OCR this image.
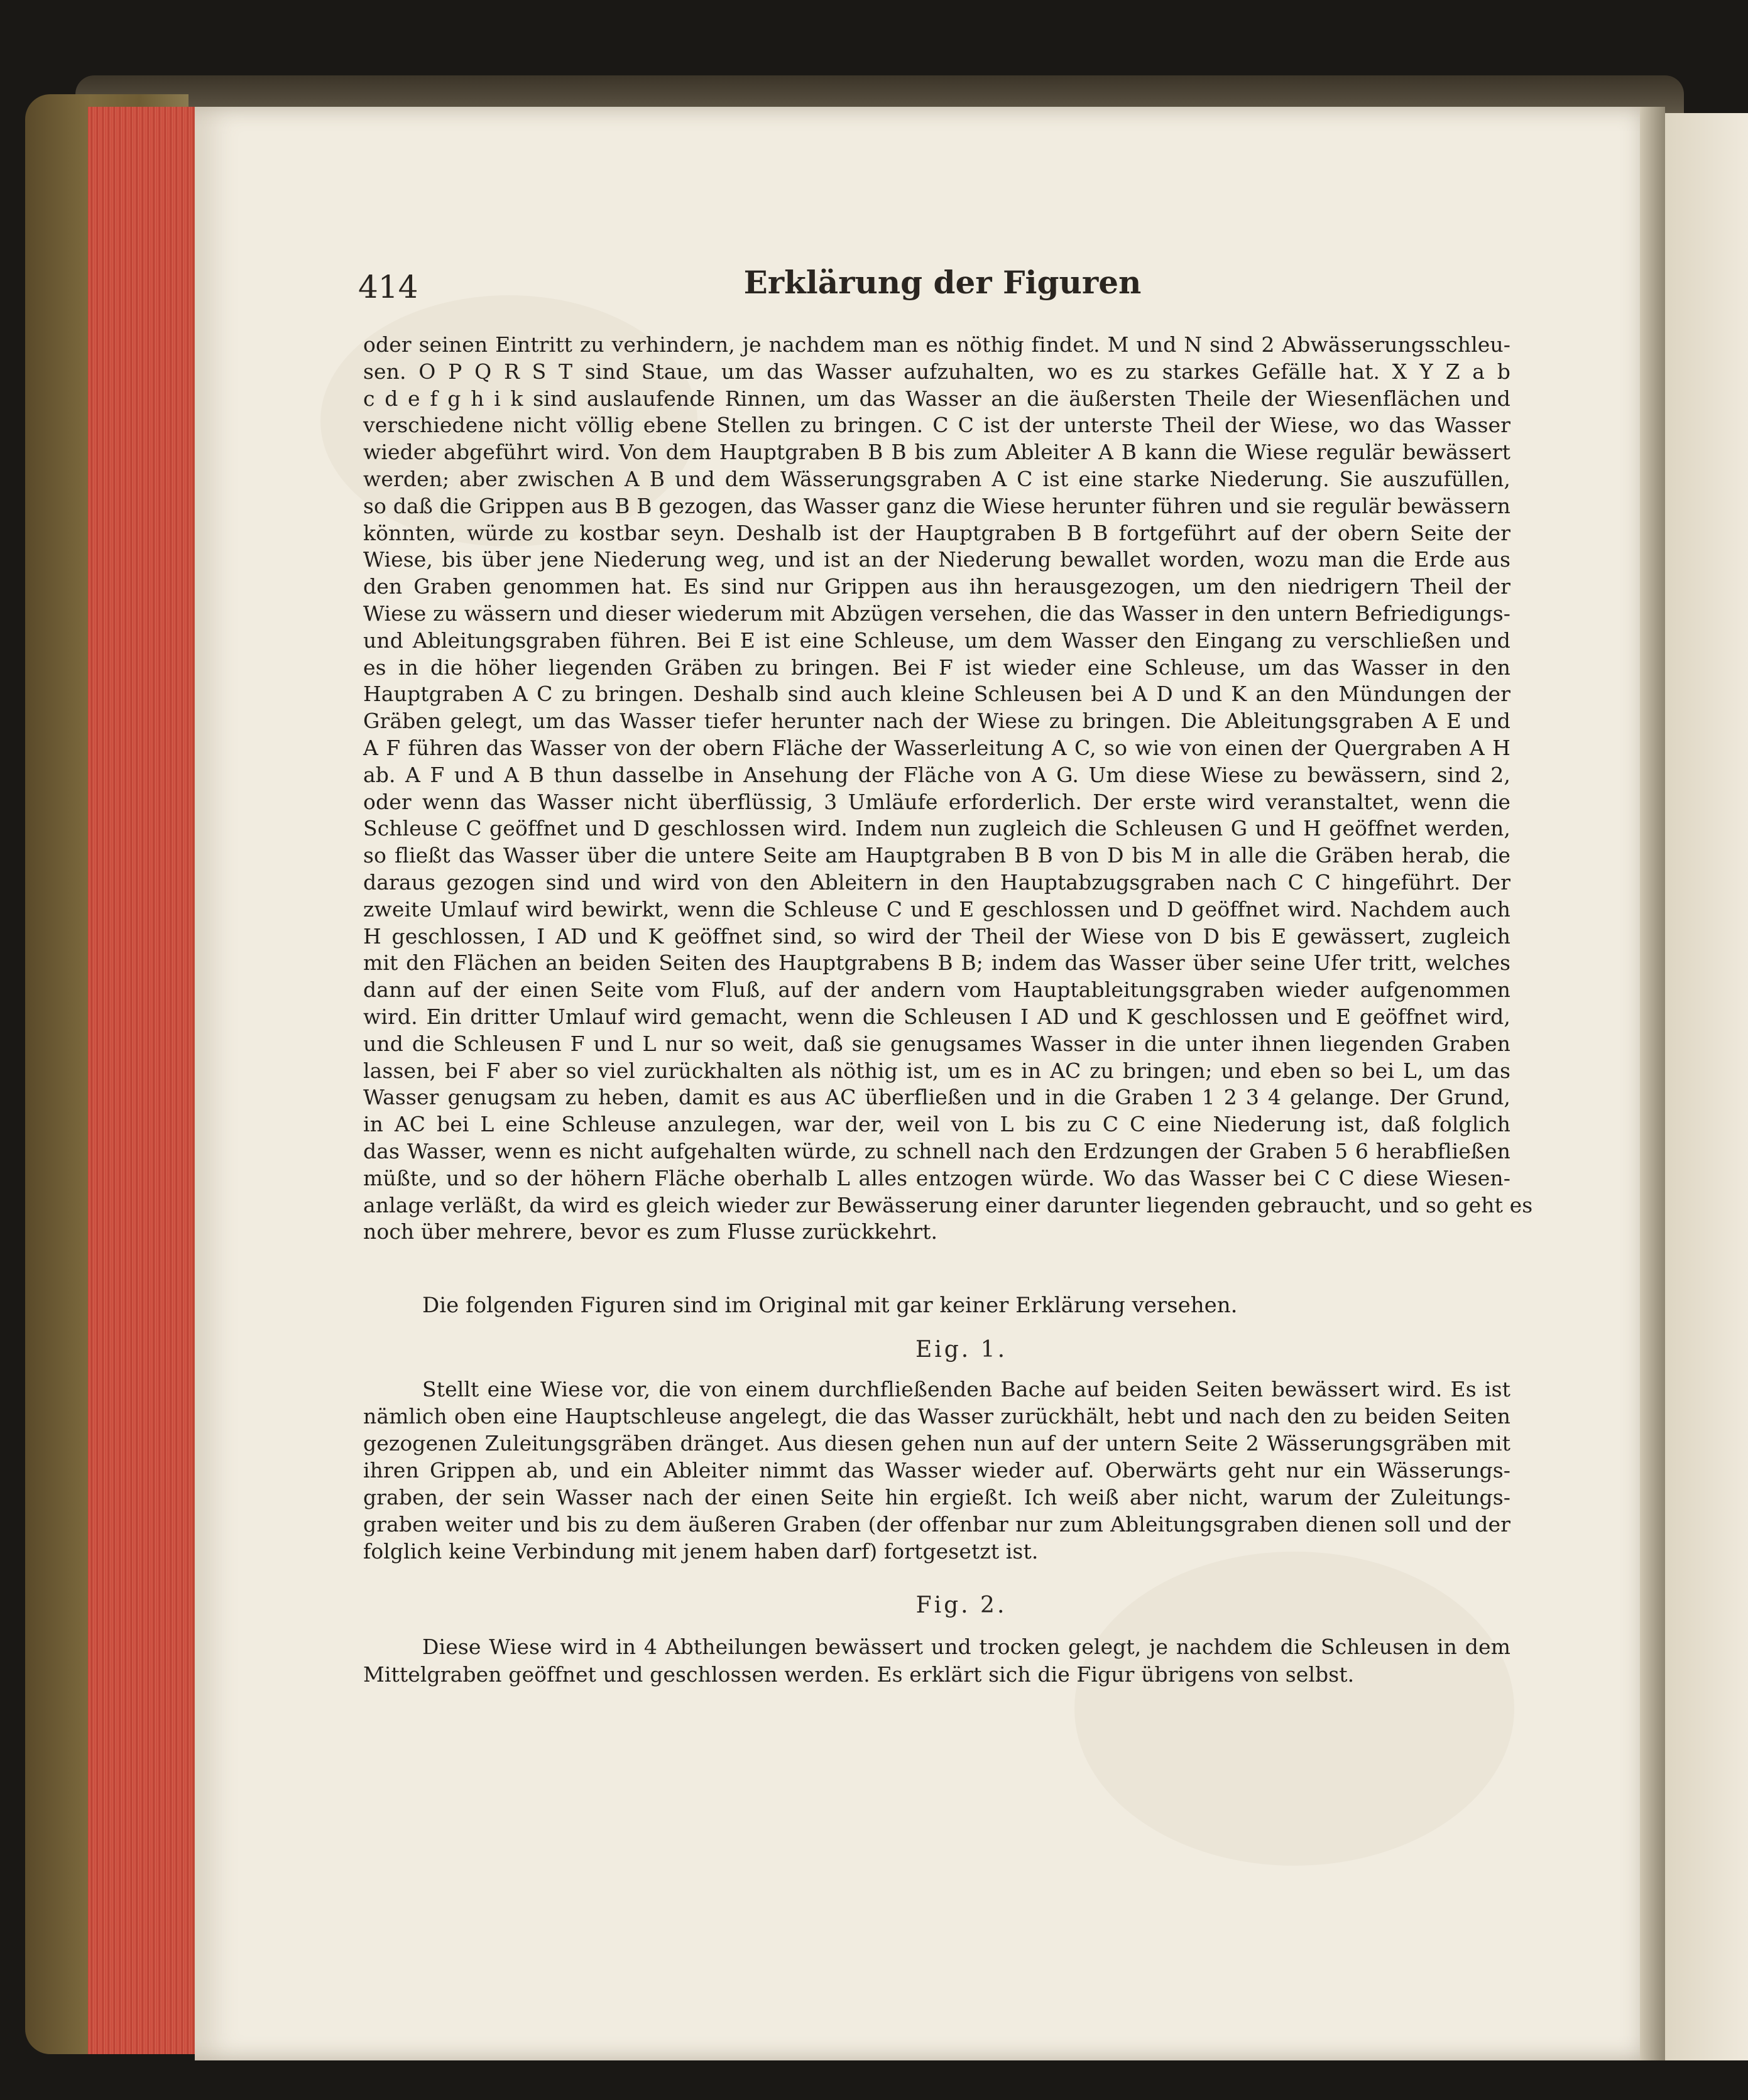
414	Erklärung der Figuren
oder seinen Eintritt zu verhindern, je nachdem man es nöthig findet. M und N sind 2 Abwässerungsschleu-
sen. O P Q R S T sind Staue, um das Wasser aufzuhalten, wo es zu starkes Gefälle hat. X Y Z a b
c d e f g h i k sind auslaufende Rinnen, um das Wasser an die äußersten Theile der Wiesenflächen und
verschiedene nicht völlig ebene Stellen zu bringen. C C ist der unterste Theil der Wiese, wo das Wasser
wieder abgeführt wird. Von dem Hauptgraben B B bis zum Ableiter A B kann die Wiese regulär bewässert
werden; aber zwischen A B und dem Wässerungsgraben A C ist eine starke Niederung. Sie auszufüllen,
so daß die Grippen aus B B gezogen, das Wasser ganz die Wiese herunter führen und sie regulär bewässern
könnten, würde zu kostbar seyn. Deshalb ist der Hauptgraben B B fortgeführt auf der obern Seite der
Wiese, bis über jene Niederung weg, und ist an der Niederung bewallet worden, wozu man die Erde aus
den Graben genommen hat. Es sind nur Grippen aus ihn herausgezogen, um den niedrigern Theil der
Wiese zu wässern und dieser wiederum mit Abzügen versehen, die das Wasser in den untern Befriedigungs-
und Ableitungsgraben führen. Bei E ist eine Schleuse, um dem Wasser den Eingang zu verschließen und
es in die höher liegenden Gräben zu bringen. Bei F ist wieder eine Schleuse, um das Wasser in den
Hauptgraben A C zu bringen. Deshalb sind auch kleine Schleusen bei A D und K an den Mündungen der
Gräben gelegt, um das Wasser tiefer herunter nach der Wiese zu bringen. Die Ableitungsgraben A E und
A F führen das Wasser von der obern Fläche der Wasserleitung A C, so wie von einen der Quergraben A H
ab. A F und A B thun dasselbe in Ansehung der Fläche von A G. Um diese Wiese zu bewässern, sind 2,
oder wenn das Wasser nicht überflüssig, 3 Umläufe erforderlich. Der erste wird veranstaltet, wenn die
Schleuse C geöffnet und D geschlossen wird. Indem nun zugleich die Schleusen G und H geöffnet werden,
so fließt das Wasser über die untere Seite am Hauptgraben B B von D bis M in alle die Gräben herab, die
daraus gezogen sind und wird von den Ableitern in den Hauptabzugsgraben nach C C hingeführt. Der
zweite Umlauf wird bewirkt, wenn die Schleuse C und E geschlossen und D geöffnet wird. Nachdem auch
H geschlossen, I AD und K geöffnet sind, so wird der Theil der Wiese von D bis E gewässert, zugleich
mit den Flächen an beiden Seiten des Hauptgrabens B B; indem das Wasser über seine Ufer tritt, welches
dann auf der einen Seite vom Fluß, auf der andern vom Hauptableitungsgraben wieder aufgenommen
wird. Ein dritter Umlauf wird gemacht, wenn die Schleusen I AD und K geschlossen und E geöffnet wird,
und die Schleusen F und L nur so weit, daß sie genugsames Wasser in die unter ihnen liegenden Graben
lassen, bei F aber so viel zurückhalten als nöthig ist, um es in AC zu bringen; und eben so bei L, um das
Wasser genugsam zu heben, damit es aus AC überfließen und in die Graben 1 2 3 4 gelange. Der Grund,
in AC bei L eine Schleuse anzulegen, war der, weil von L bis zu C C eine Niederung ist, daß folglich
das Wasser, wenn es nicht aufgehalten würde, zu schnell nach den Erdzungen der Graben 5 6 herabfließen
müßte, und so der höhern Fläche oberhalb L alles entzogen würde. Wo das Wasser bei C C diese Wiesen-
anlage verläßt, da wird es gleich wieder zur Bewässerung einer darunter liegenden gebraucht, und so geht es
noch über mehrere, bevor es zum Flusse zurückkehrt.
Die folgenden Figuren sind im Original mit gar keiner Erklärung versehen.
Eig. 1.
Stellt eine Wiese vor, die von einem durchfließenden Bache auf beiden Seiten bewässert wird. Es ist
nämlich oben eine Hauptschleuse angelegt, die das Wasser zurückhält, hebt und nach den zu beiden Seiten
gezogenen Zuleitungsgräben dränget. Aus diesen gehen nun auf der untern Seite 2 Wässerungsgräben mit
ihren Grippen ab, und ein Ableiter nimmt das Wasser wieder auf. Oberwärts geht nur ein Wässerungs-
graben, der sein Wasser nach der einen Seite hin ergießt. Ich weiß aber nicht, warum der Zuleitungs-
graben weiter und bis zu dem äußeren Graben (der offenbar nur zum Ableitungsgraben dienen soll und der
folglich keine Verbindung mit jenem haben darf) fortgesetzt ist.
Fig. 2.
Diese Wiese wird in 4 Abtheilungen bewässert und trocken gelegt, je nachdem die Schleusen in dem
Mittelgraben geöffnet und geschlossen werden. Es erklärt sich die Figur übrigens von selbst.
